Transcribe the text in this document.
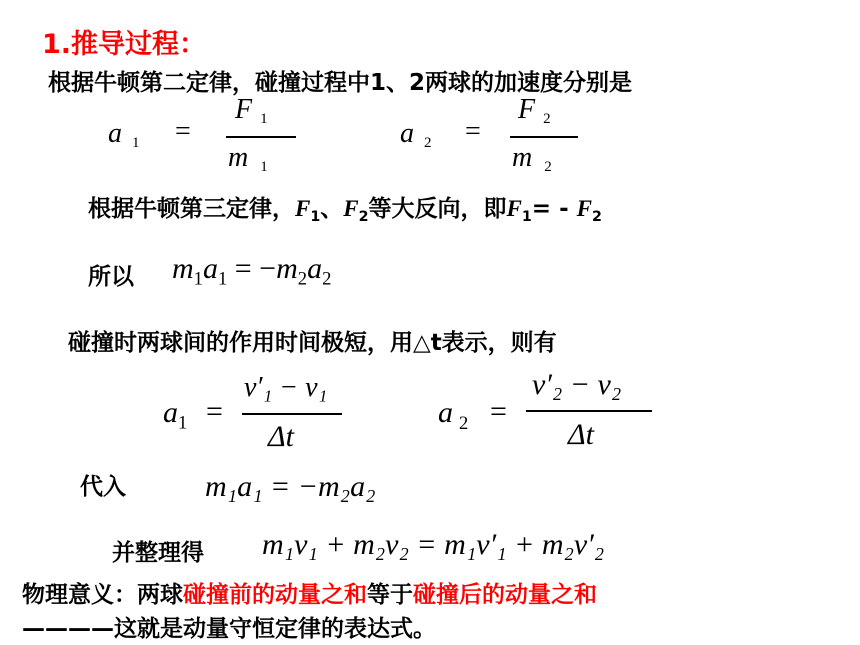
1.推导过程：
根据牛顿第二定律，碰撞过程中1、2两球的加速度分别是
a $_1$ =
F $_1$
m $_1$
a $_2$ =
F $_2$
m $_2$
根据牛顿第三定律，$F_1$、$F_2$等大反向，即$F_1= - F_2$
所以 $m_1a_1 = -m_2a_2$
碰撞时两球间的作用时间极短，用△t表示，则有
$a_1$ =
v′₁ − v₁
Δt
a $_2$ =
v′₂ − v₂
Δt
代入	m₁a₁ = −m₂a₂
并整理得 m₁v₁ + m₂v₂ = m₁v′₁ + m₂v′₂
物理意义：两球碰撞前的动量之和等于碰撞后的动量之和
————这就是动量守恒定律的表达式。
